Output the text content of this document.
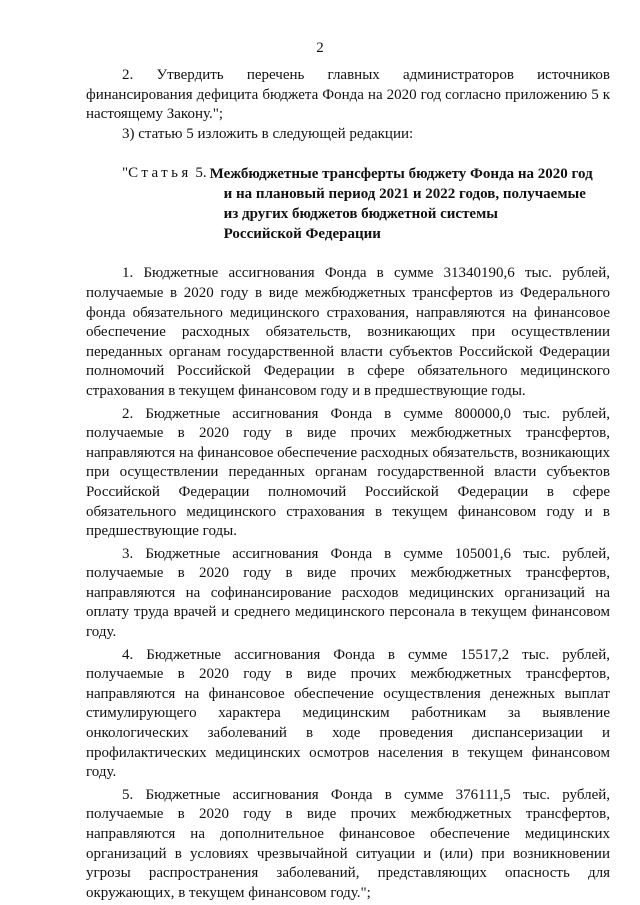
2

2. Утвердить перечень главных администраторов источников финансирования дефицита бюджета Фонда на 2020 год согласно приложению 5 к настоящему Закону.";

3) статью 5 изложить в следующей редакции:

"Статья 5. Межбюджетные трансферты бюджету Фонда на 2020 год
и на плановый период 2021 и 2022 годов, получаемые
из других бюджетов бюджетной системы
Российской Федерации

1. Бюджетные ассигнования Фонда в сумме 31340190,6 тыс. рублей, получаемые в 2020 году в виде межбюджетных трансфертов из Федерального фонда обязательного медицинского страхования, направляются на финансовое обеспечение расходных обязательств, возникающих при осуществлении переданных органам государственной власти субъектов Российской Федерации полномочий Российской Федерации в сфере обязательного медицинского страхования в текущем финансовом году и в предшествующие годы.

2. Бюджетные ассигнования Фонда в сумме 800000,0 тыс. рублей, получаемые в 2020 году в виде прочих межбюджетных трансфертов, направляются на финансовое обеспечение расходных обязательств, возникающих при осуществлении переданных органам государственной власти субъектов Российской Федерации полномочий Российской Федерации в сфере обязательного медицинского страхования в текущем финансовом году и в предшествующие годы.

3. Бюджетные ассигнования Фонда в сумме 105001,6 тыс. рублей, получаемые в 2020 году в виде прочих межбюджетных трансфертов, направляются на софинансирование расходов медицинских организаций на оплату труда врачей и среднего медицинского персонала в текущем финансовом году.

4. Бюджетные ассигнования Фонда в сумме 15517,2 тыс. рублей, получаемые в 2020 году в виде прочих межбюджетных трансфертов, направляются на финансовое обеспечение осуществления денежных выплат стимулирующего характера медицинским работникам за выявление онкологических заболеваний в ходе проведения диспансеризации и профилактических медицинских осмотров населения в текущем финансовом году.

5. Бюджетные ассигнования Фонда в сумме 376111,5 тыс. рублей, получаемые в 2020 году в виде прочих межбюджетных трансфертов, направляются на дополнительное финансовое обеспечение медицинских организаций в условиях чрезвычайной ситуации и (или) при возникновении угрозы распространения заболеваний, представляющих опасность для окружающих, в текущем финансовом году.";
